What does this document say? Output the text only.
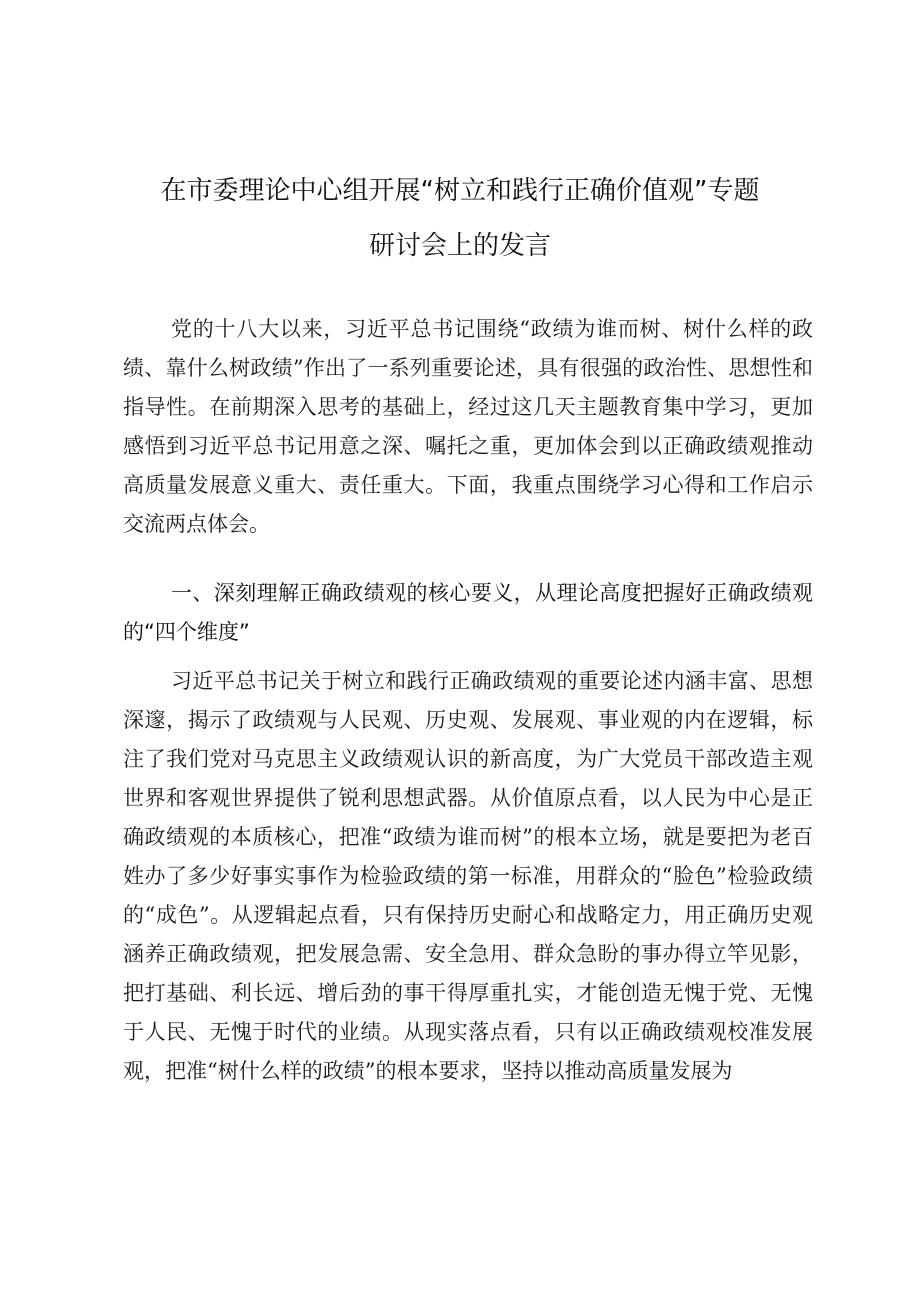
在市委理论中心组开展“树立和践行正确价值观”专题
研讨会上的发言

党的十八大以来，习近平总书记围绕“政绩为谁而树、树什么样的政绩、靠什么树政绩”作出了一系列重要论述，具有很强的政治性、思想性和指导性。在前期深入思考的基础上，经过这几天主题教育集中学习，更加感悟到习近平总书记用意之深、嘱托之重，更加体会到以正确政绩观推动高质量发展意义重大、责任重大。下面，我重点围绕学习心得和工作启示交流两点体会。

一、深刻理解正确政绩观的核心要义，从理论高度把握好正确政绩观的“四个维度”

习近平总书记关于树立和践行正确政绩观的重要论述内涵丰富、思想深邃，揭示了政绩观与人民观、历史观、发展观、事业观的内在逻辑，标注了我们党对马克思主义政绩观认识的新高度，为广大党员干部改造主观世界和客观世界提供了锐利思想武器。从价值原点看，以人民为中心是正确政绩观的本质核心，把准“政绩为谁而树”的根本立场，就是要把为老百姓办了多少好事实事作为检验政绩的第一标准，用群众的“脸色”检验政绩的“成色”。从逻辑起点看，只有保持历史耐心和战略定力，用正确历史观涵养正确政绩观，把发展急需、安全急用、群众急盼的事办得立竿见影，把打基础、利长远、增后劲的事干得厚重扎实，才能创造无愧于党、无愧于人民、无愧于时代的业绩。从现实落点看，只有以正确政绩观校准发展观，把准“树什么样的政绩”的根本要求，坚持以推动高质量发展为
